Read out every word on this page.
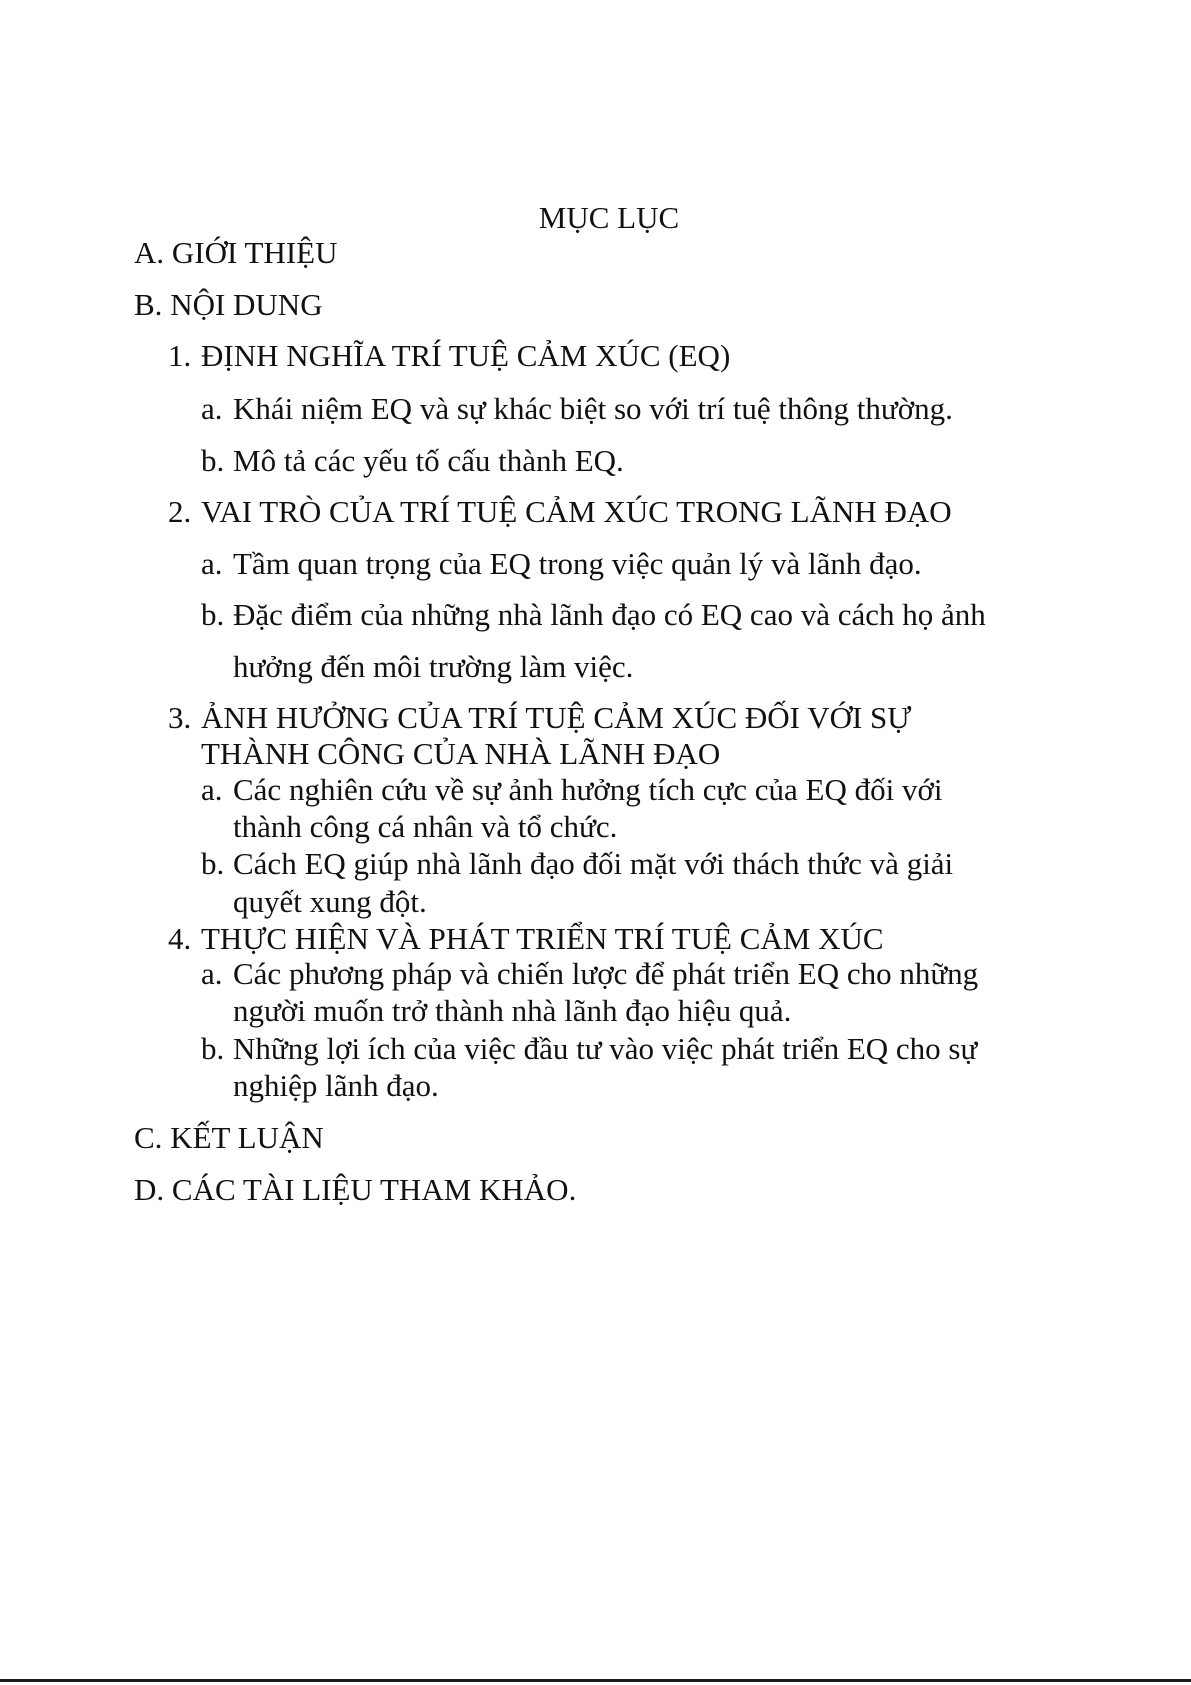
MỤC LỤC
A. GIỚI THIỆU
B. NỘI DUNG
1. ĐỊNH NGHĨA TRÍ TUỆ CẢM XÚC (EQ)
a. Khái niệm EQ và sự khác biệt so với trí tuệ thông thường.
b. Mô tả các yếu tố cấu thành EQ.
2. VAI TRÒ CỦA TRÍ TUỆ CẢM XÚC TRONG LÃNH ĐẠO
a. Tầm quan trọng của EQ trong việc quản lý và lãnh đạo.
b. Đặc điểm của những nhà lãnh đạo có EQ cao và cách họ ảnh
hưởng đến môi trường làm việc.
3. ẢNH HƯỞNG CỦA TRÍ TUỆ CẢM XÚC ĐỐI VỚI SỰ
THÀNH CÔNG CỦA NHÀ LÃNH ĐẠO
a. Các nghiên cứu về sự ảnh hưởng tích cực của EQ đối với
thành công cá nhân và tổ chức.
b. Cách EQ giúp nhà lãnh đạo đối mặt với thách thức và giải
quyết xung đột.
4. THỰC HIỆN VÀ PHÁT TRIỂN TRÍ TUỆ CẢM XÚC
a. Các phương pháp và chiến lược để phát triển EQ cho những
người muốn trở thành nhà lãnh đạo hiệu quả.
b. Những lợi ích của việc đầu tư vào việc phát triển EQ cho sự
nghiệp lãnh đạo.
C. KẾT LUẬN
D. CÁC TÀI LIỆU THAM KHẢO.
